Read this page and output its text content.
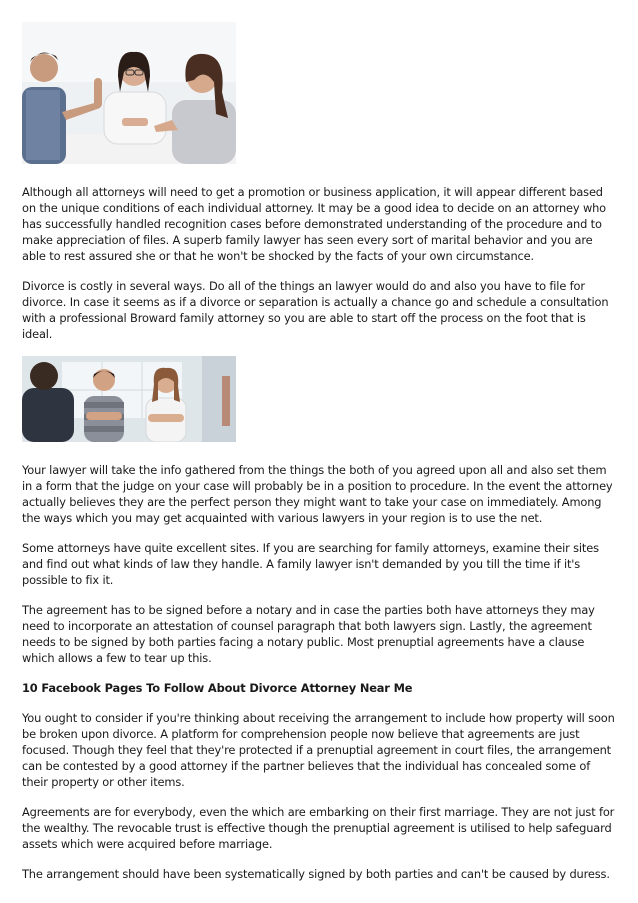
Although all attorneys will need to get a promotion or business application, it will appear different based on the unique conditions of each individual attorney. It may be a good idea to decide on an attorney who has successfully handled recognition cases before demonstrated understanding of the procedure and to make appreciation of files. A superb family lawyer has seen every sort of marital behavior and you are able to rest assured she or that he won't be shocked by the facts of your own circumstance.

Divorce is costly in several ways. Do all of the things an lawyer would do and also you have to file for divorce. In case it seems as if a divorce or separation is actually a chance go and schedule a consultation with a professional Broward family attorney so you are able to start off the process on the foot that is ideal.

Your lawyer will take the info gathered from the things the both of you agreed upon all and also set them in a form that the judge on your case will probably be in a position to procedure. In the event the attorney actually believes they are the perfect person they might want to take your case on immediately. Among the ways which you may get acquainted with various lawyers in your region is to use the net.

Some attorneys have quite excellent sites. If you are searching for family attorneys, examine their sites and find out what kinds of law they handle. A family lawyer isn't demanded by you till the time if it's possible to fix it.

The agreement has to be signed before a notary and in case the parties both have attorneys they may need to incorporate an attestation of counsel paragraph that both lawyers sign. Lastly, the agreement needs to be signed by both parties facing a notary public. Most prenuptial agreements have a clause which allows a few to tear up this.

10 Facebook Pages To Follow About Divorce Attorney Near Me

You ought to consider if you're thinking about receiving the arrangement to include how property will soon be broken upon divorce. A platform for comprehension people now believe that agreements are just focused. Though they feel that they're protected if a prenuptial agreement in court files, the arrangement can be contested by a good attorney if the partner believes that the individual has concealed some of their property or other items.

Agreements are for everybody, even the which are embarking on their first marriage. They are not just for the wealthy. The revocable trust is effective though the prenuptial agreement is utilised to help safeguard assets which were acquired before marriage.

The arrangement should have been systematically signed by both parties and can't be caused by duress.
